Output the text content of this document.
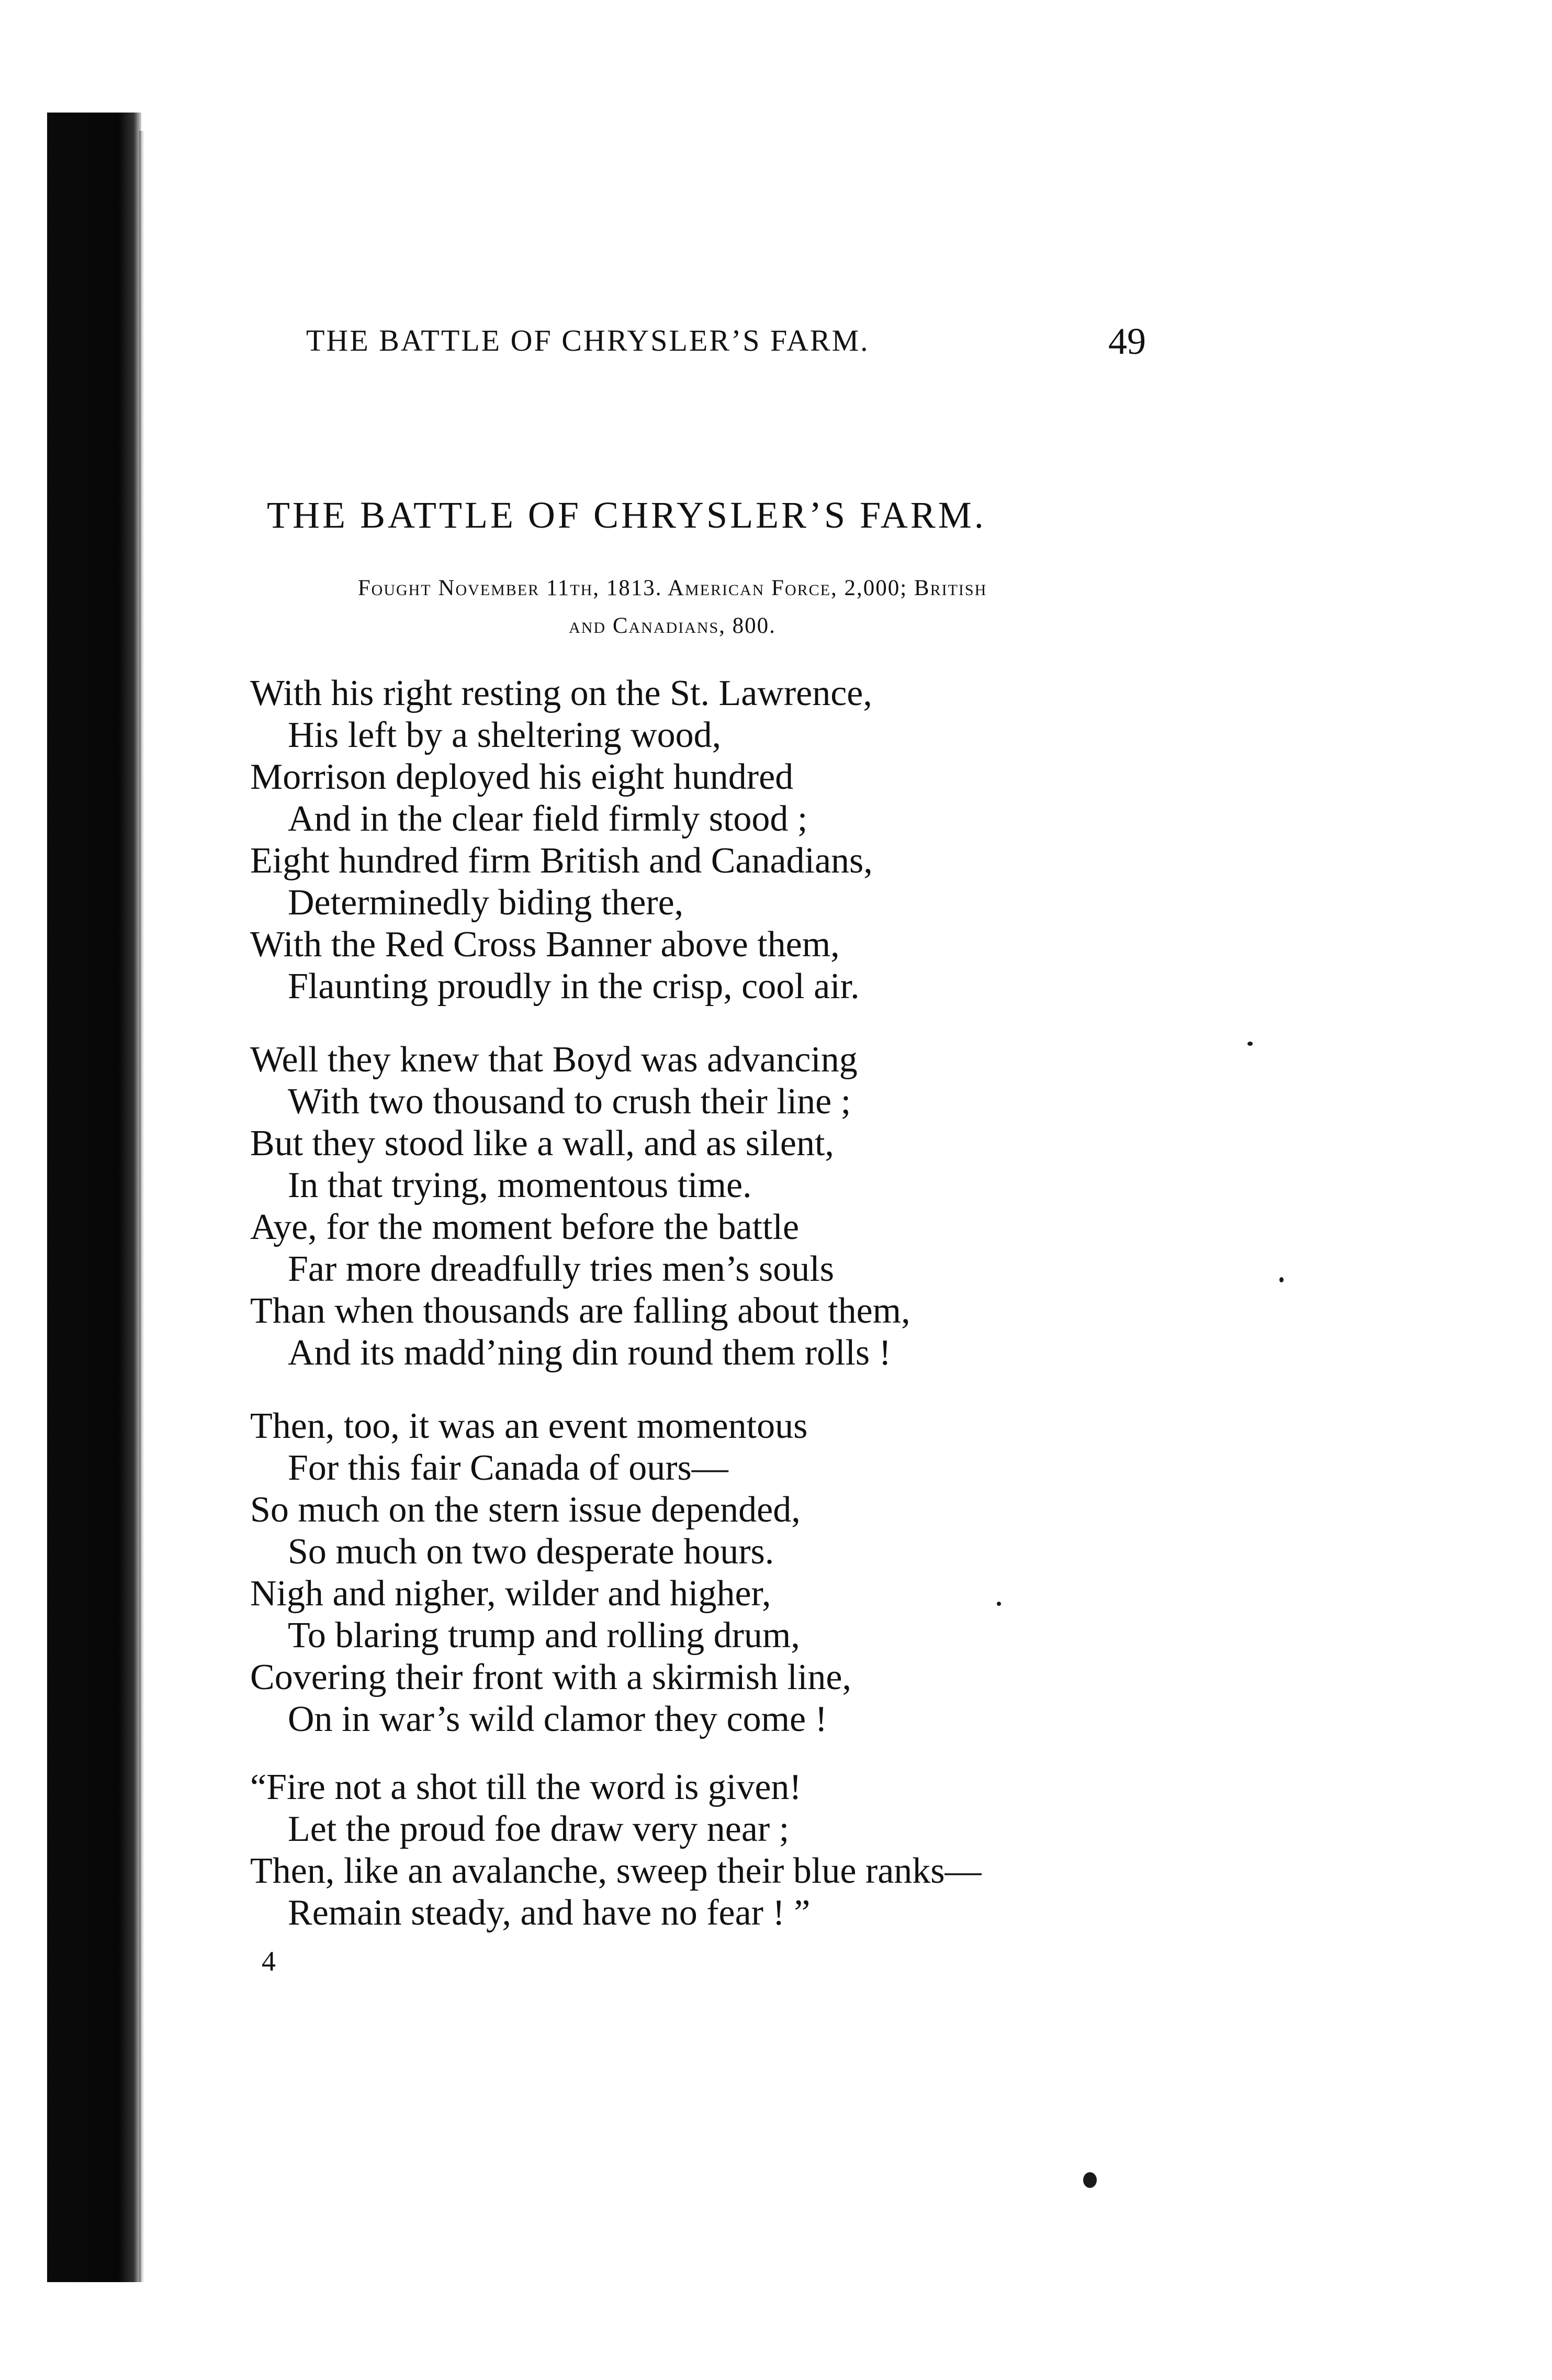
THE BATTLE OF CHRYSLER’S FARM.	49
THE BATTLE OF CHRYSLER’S FARM.
Fought November 11th, 1813. American Force, 2,000; British
and Canadians, 800.
With his right resting on the St. Lawrence,
His left by a sheltering wood,
Morrison deployed his eight hundred
And in the clear field firmly stood ;
Eight hundred firm British and Canadians,
Determinedly biding there,
With the Red Cross Banner above them,
Flaunting proudly in the crisp, cool air.
Well they knew that Boyd was advancing
With two thousand to crush their line ;
But they stood like a wall, and as silent,
In that trying, momentous time.
Aye, for the moment before the battle
Far more dreadfully tries men’s souls
Than when thousands are falling about them,
And its madd’ning din round them rolls !
Then, too, it was an event momentous
For this fair Canada of ours—
So much on the stern issue depended,
So much on two desperate hours.
Nigh and nigher, wilder and higher,
To blaring trump and rolling drum,
Covering their front with a skirmish line,
On in war’s wild clamor they come !
“Fire not a shot till the word is given!
Let the proud foe draw very near ;
Then, like an avalanche, sweep their blue ranks—
Remain steady, and have no fear ! ”
4
